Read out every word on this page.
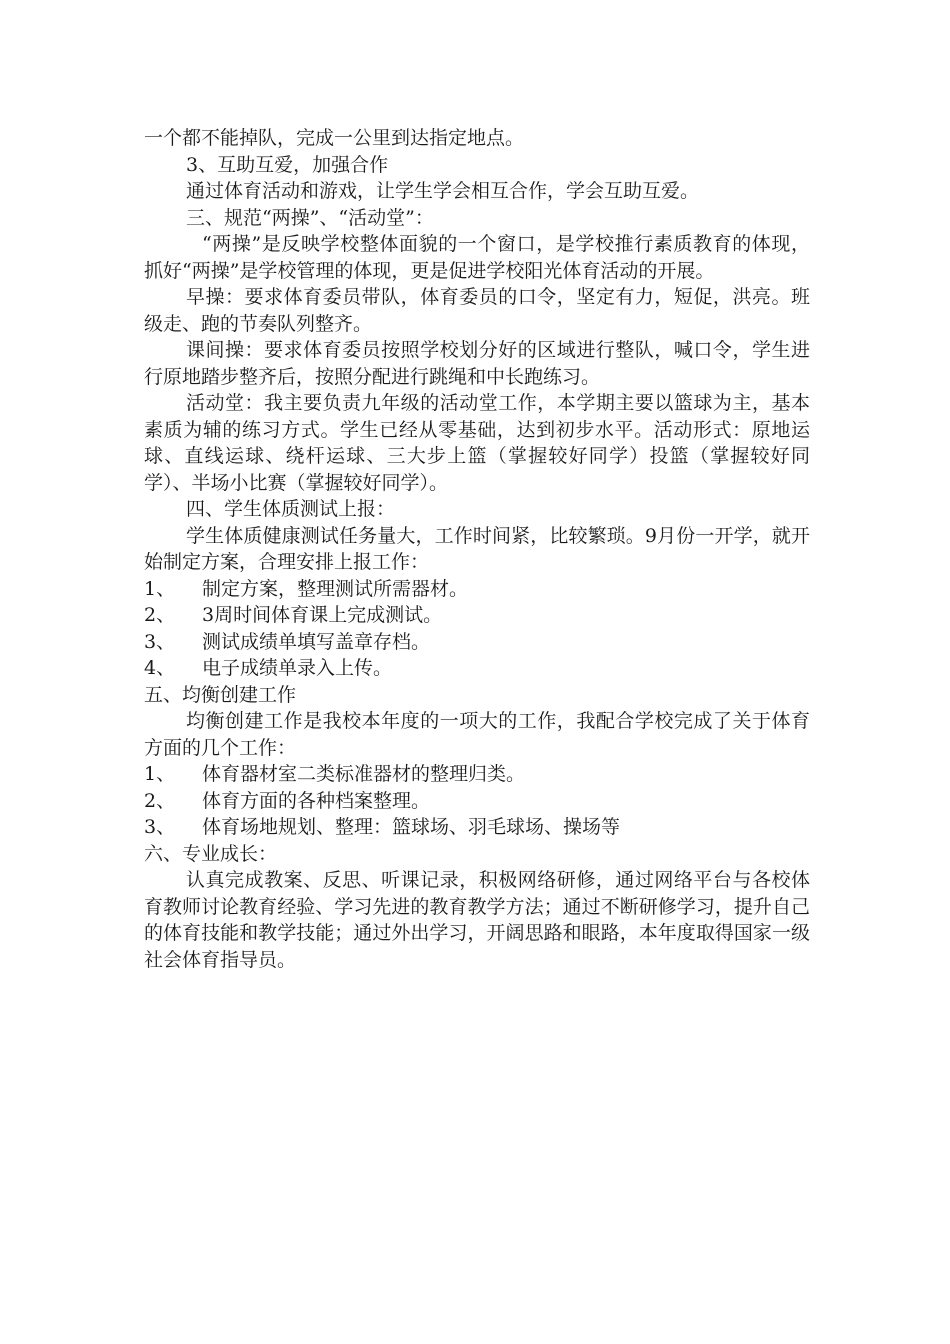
一个都不能掉队，完成一公里到达指定地点。

3、互助互爱，加强合作

通过体育活动和游戏，让学生学会相互合作，学会互助互爱。

三、规范“两操”、“活动堂”：

“两操”是反映学校整体面貌的一个窗口，是学校推行素质教育的体现，抓好“两操”是学校管理的体现，更是促进学校阳光体育活动的开展。

早操：要求体育委员带队，体育委员的口令，坚定有力，短促，洪亮。班级走、跑的节奏队列整齐。

课间操：要求体育委员按照学校划分好的区域进行整队，喊口令，学生进行原地踏步整齐后，按照分配进行跳绳和中长跑练习。

活动堂：我主要负责九年级的活动堂工作，本学期主要以篮球为主，基本素质为辅的练习方式。学生已经从零基础，达到初步水平。活动形式：原地运球、直线运球、绕杆运球、三大步上篮（掌握较好同学）投篮（掌握较好同学）、半场小比赛（掌握较好同学）。

四、学生体质测试上报：

学生体质健康测试任务量大，工作时间紧，比较繁琐。9月份一开学，就开始制定方案，合理安排上报工作：

1、 制定方案，整理测试所需器材。

2、 3周时间体育课上完成测试。

3、 测试成绩单填写盖章存档。

4、 电子成绩单录入上传。

五、均衡创建工作

均衡创建工作是我校本年度的一项大的工作，我配合学校完成了关于体育方面的几个工作：

1、 体育器材室二类标准器材的整理归类。

2、 体育方面的各种档案整理。

3、 体育场地规划、整理：篮球场、羽毛球场、操场等

六、专业成长：

认真完成教案、反思、听课记录，积极网络研修，通过网络平台与各校体育教师讨论教育经验、学习先进的教育教学方法；通过不断研修学习，提升自己的体育技能和教学技能；通过外出学习，开阔思路和眼路，本年度取得国家一级社会体育指导员。
